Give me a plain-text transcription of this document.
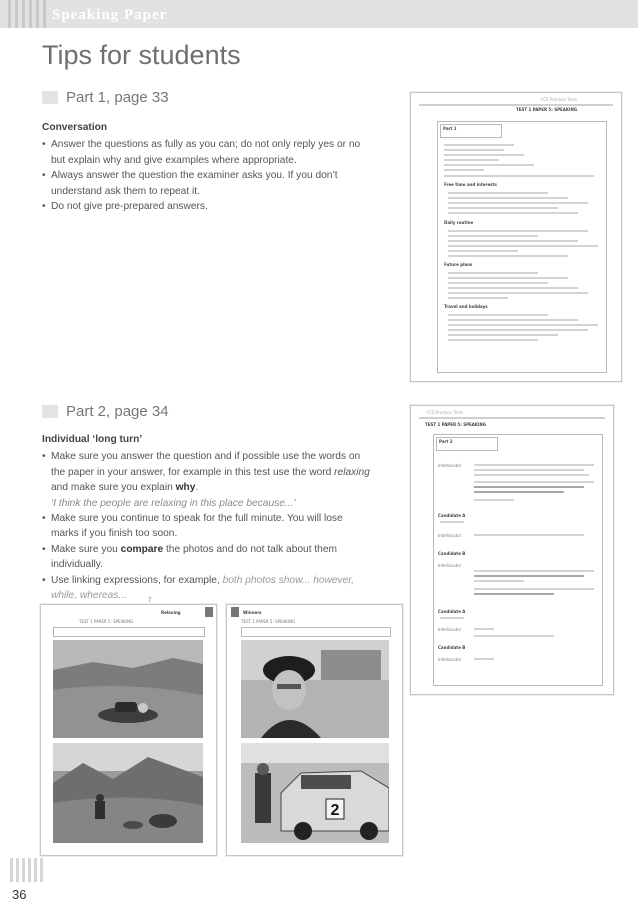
Speaking Paper
Tips for students
Part 1, page 33
Conversation
• Answer the questions as fully as you can; do not only reply yes or no but explain why and give examples where appropriate.
• Always answer the question the examiner asks you. If you don’t understand ask them to repeat it.
• Do not give pre-prepared answers.
Part 2, page 34
Individual ‘long turn’
• Make sure you answer the question and if possible use the words on the paper in your answer, for example in this test use the word relaxing and make sure you explain why.
‘I think the people are relaxing in this place because...’
• Make sure you continue to speak for the full minute. You will lose marks if you finish too soon.
• Make sure you compare the photos and do not talk about them individually.
• Use linking expressions, for example, both photos show... however, while, whereas...	7
FCE Practice Tests
TEST 1 PAPER 5: SPEAKING
Part 1
Free time and interests
Daily routine
Future plans
Travel and holidays
FCE Practice Tests
TEST 1 PAPER 5: SPEAKING
Part 2
Interlocutor
Candidate A
Interlocutor
Candidate B
Interlocutor
Candidate A
Interlocutor
Candidate B
Interlocutor
Relaxing
TEST 1 PAPER 5: SPEAKING
Winners
TEST 1 PAPER 5: SPEAKING
2
36
